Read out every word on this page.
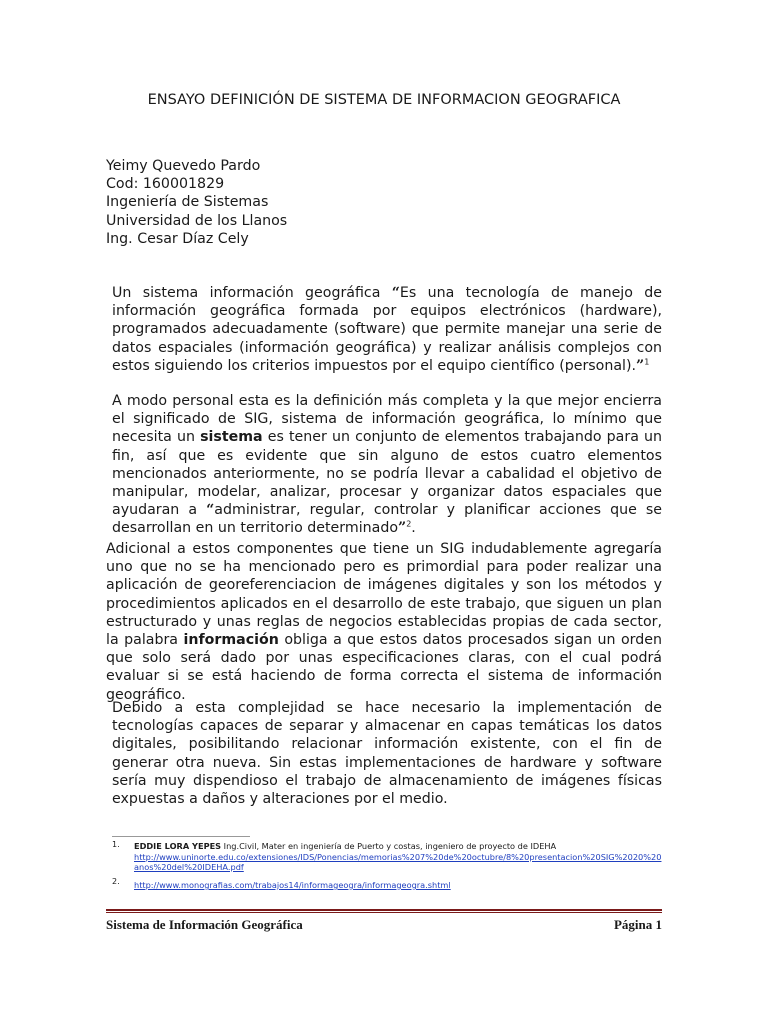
ENSAYO DEFINICIÓN DE SISTEMA DE INFORMACION GEOGRAFICA
Yeimy Quevedo Pardo
Cod: 160001829
Ingeniería de Sistemas
Universidad de los Llanos
Ing. Cesar Díaz Cely
Un sistema información geográfica “Es una tecnología de manejo de información geográfica formada por equipos electrónicos (hardware), programados adecuadamente (software) que permite manejar una serie de datos espaciales (información geográfica) y realizar análisis complejos con estos siguiendo los criterios impuestos por el equipo científico (personal).”$^1$
A modo personal esta es la definición más completa y la que mejor encierra el significado de SIG, sistema de información geográfica, lo mínimo que necesita un sistema es tener un conjunto de elementos trabajando para un fin, así que es evidente que sin alguno de estos cuatro elementos mencionados anteriormente, no se podría llevar a cabalidad el objetivo de manipular, modelar, analizar, procesar y organizar datos espaciales que ayudaran a “administrar, regular, controlar y planificar acciones que se desarrollan en un territorio determinado”$^2$.
Adicional a estos componentes que tiene un SIG indudablemente agregaría uno que no se ha mencionado pero es primordial para poder realizar una aplicación de georeferenciacion de imágenes digitales y son los métodos y procedimientos aplicados en el desarrollo de este trabajo, que siguen un plan estructurado y unas reglas de negocios establecidas propias de cada sector, la palabra información obliga a que estos datos procesados sigan un orden que solo será dado por unas especificaciones claras, con el cual podrá evaluar si se está haciendo de forma correcta el sistema de información geográfico.
Debido a esta complejidad se hace necesario la implementación de tecnologías capaces de separar y almacenar en capas temáticas los datos digitales, posibilitando relacionar información existente, con el fin de generar otra nueva. Sin estas implementaciones de hardware y software sería muy dispendioso el trabajo de almacenamiento de imágenes físicas expuestas a daños y alteraciones por el medio.
1. EDDIE LORA YEPES Ing.Civil, Mater en ingeniería de Puerto y costas, ingeniero de proyecto de IDEHA
http://www.uninorte.edu.co/extensiones/IDS/Ponencias/memorias%207%20de%20octubre/8%20presentacion%20SIG%2020%20anos%20del%20IDEHA.pdf
2. http://www.monografias.com/trabajos14/informageogra/informageogra.shtml
Sistema de Información Geográfica	Página 1
